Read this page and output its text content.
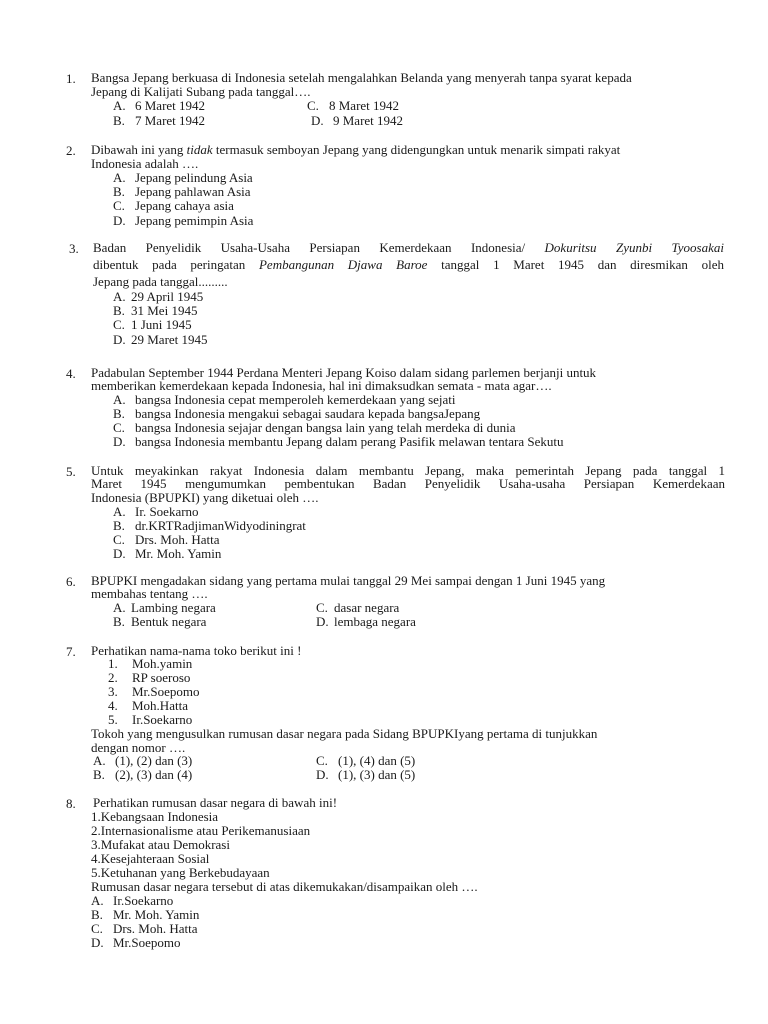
1. Bangsa Jepang berkuasa di Indonesia setelah mengalahkan Belanda yang menyerah tanpa syarat kepada
Jepang di Kalijati Subang pada tanggal….
A. 6 Maret 1942
B. 7 Maret 1942
C. 8 Maret 1942
D. 9 Maret 1942
2. Dibawah ini yang tidak termasuk semboyan Jepang yang didengungkan untuk menarik simpati rakyat
Indonesia adalah ….
A. Jepang pelindung Asia
B. Jepang pahlawan Asia
C. Jepang cahaya asia
D. Jepang pemimpin Asia
3. Badan Penyelidik Usaha-Usaha Persiapan Kemerdekaan Indonesia/ Dokuritsu Zyunbi Tyoosakai
dibentuk pada peringatan Pembangunan Djawa Baroe tanggal 1 Maret 1945 dan diresmikan oleh
Jepang pada tanggal.........
A. 29 April 1945
B. 31 Mei 1945
C. 1 Juni 1945
D. 29 Maret 1945
4. Padabulan September 1944 Perdana Menteri Jepang Koiso dalam sidang parlemen berjanji untuk
memberikan kemerdekaan kepada Indonesia, hal ini dimaksudkan semata - mata agar….
A. bangsa Indonesia cepat memperoleh kemerdekaan yang sejati
B. bangsa Indonesia mengakui sebagai saudara kepada bangsaJepang
C. bangsa Indonesia sejajar dengan bangsa lain yang telah merdeka di dunia
D. bangsa Indonesia membantu Jepang dalam perang Pasifik melawan tentara Sekutu
5. Untuk meyakinkan rakyat Indonesia dalam membantu Jepang, maka pemerintah Jepang pada tanggal 1
Maret 1945 mengumumkan pembentukan Badan Penyelidik Usaha-usaha Persiapan Kemerdekaan
Indonesia (BPUPKI) yang diketuai oleh ….
A. Ir. Soekarno
B. dr.KRTRadjimanWidyodiningrat
C. Drs. Moh. Hatta
D. Mr. Moh. Yamin
6. BPUPKI mengadakan sidang yang pertama mulai tanggal 29 Mei sampai dengan 1 Juni 1945 yang
membahas tentang ….
A. Lambing negara
B. Bentuk negara
C. dasar negara
D. lembaga negara
7. Perhatikan nama-nama toko berikut ini !
1. Moh.yamin
2. RP soeroso
3. Mr.Soepomo
4. Moh.Hatta
5. Ir.Soekarno
Tokoh yang mengusulkan rumusan dasar negara pada Sidang BPUPKIyang pertama di tunjukkan
dengan nomor ….
A. (1), (2) dan (3)
B. (2), (3) dan (4)
C. (1), (4) dan (5)
D. (1), (3) dan (5)
8. Perhatikan rumusan dasar negara di bawah ini!
1.Kebangsaan Indonesia
2.Internasionalisme atau Perikemanusiaan
3.Mufakat atau Demokrasi
4.Kesejahteraan Sosial
5.Ketuhanan yang Berkebudayaan
Rumusan dasar negara tersebut di atas dikemukakan/disampaikan oleh ….
A. Ir.Soekarno
B. Mr. Moh. Yamin
C. Drs. Moh. Hatta
D. Mr.Soepomo
